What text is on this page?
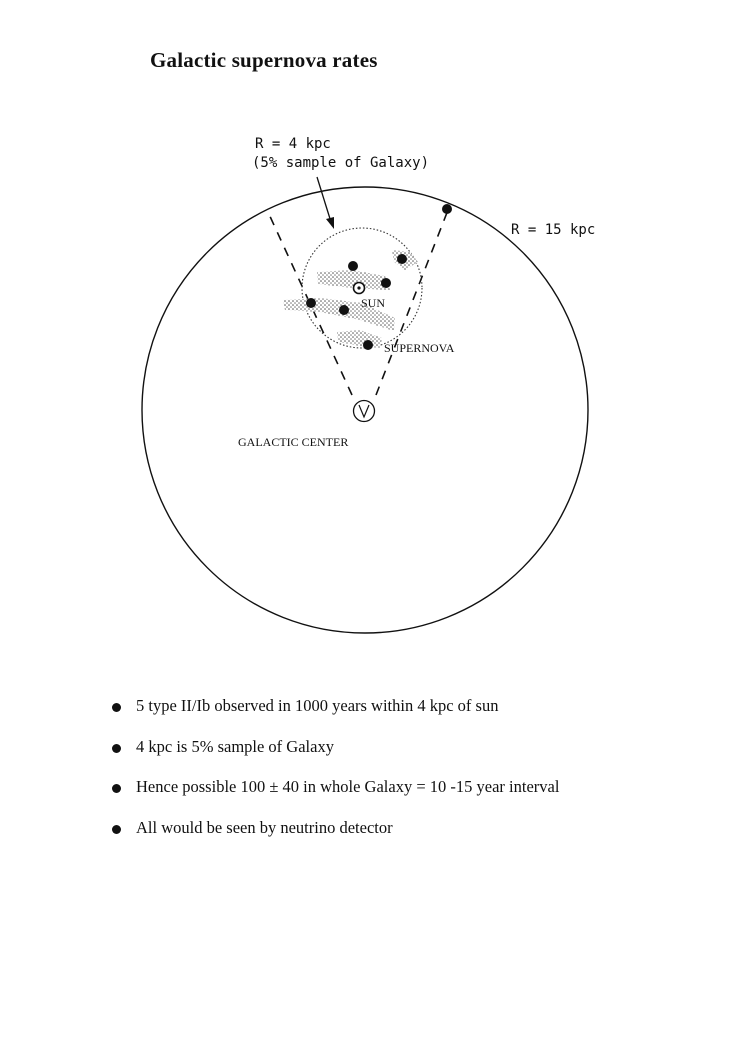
Galactic supernova rates
R = 4 kpc
(5% sample of Galaxy)
R = 15 kpc
SUN
SUPERNOVA
GALACTIC CENTER
5 type II/Ib observed in 1000 years within 4 kpc of sun
4 kpc is 5% sample of Galaxy
Hence possible 100 ± 40 in whole Galaxy = 10 -15 year interval
All would be seen by neutrino detector
